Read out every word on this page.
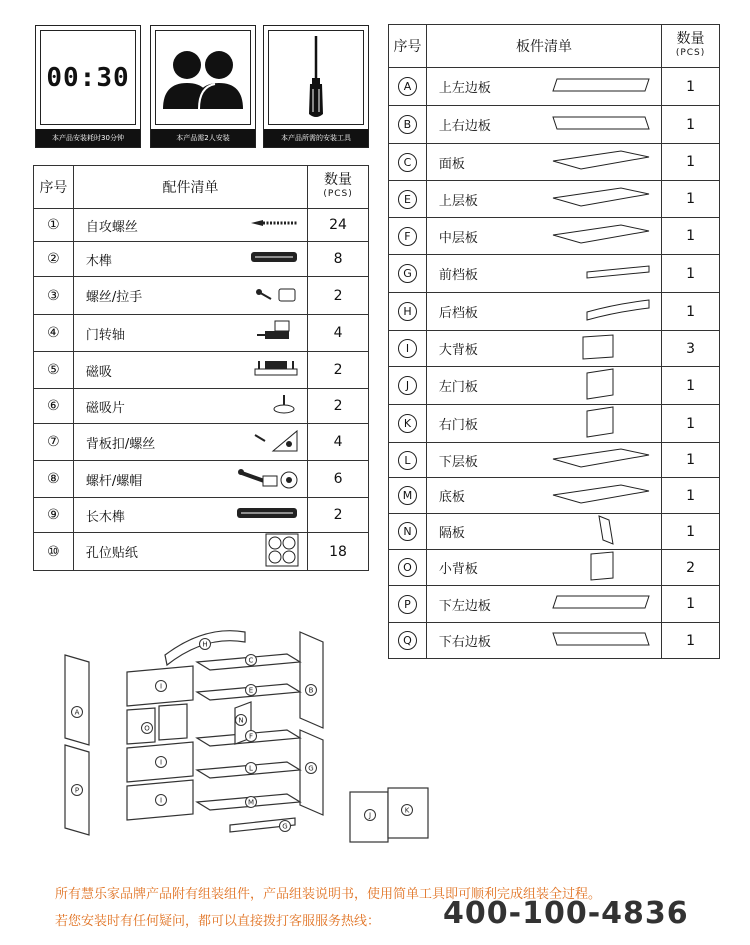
00:30
本产品安装耗时30分钟	本产品需2人安装	本产品所需的安装工具
序号	配件清单	数量
(PCS)

①	自攻螺丝	24
②	木榫	8
③	螺丝/拉手	2
④	门转轴	4
⑤	磁吸	2
⑥	磁吸片	2
⑦	背板扣/螺丝	4
⑧	螺杆/螺帽	6
⑨	长木榫	2
⑩	孔位贴纸	18
序号	板件清单	数量
(PCS)

A	上左边板	1
B	上右边板	1
C	面板	1
E	上层板	1
F	中层板	1
G	前档板	1
H	后档板	1
I	大背板	3
J	左门板	1
K	右门板	1
L	下层板	1
M	底板	1
N	隔板	1
O	小背板	2
P	下左边板	1
Q	下右边板	1
H
C
B
A
I	E
N
O
F
I
G
I
L
P
M
G
J
K
所有慧乐家品牌产品附有组装组件，产品组装说明书，使用简单工具即可顺利完成组装全过程。
若您安装时有任何疑问，都可以直接拨打客服服务热线： 400-100-4836
